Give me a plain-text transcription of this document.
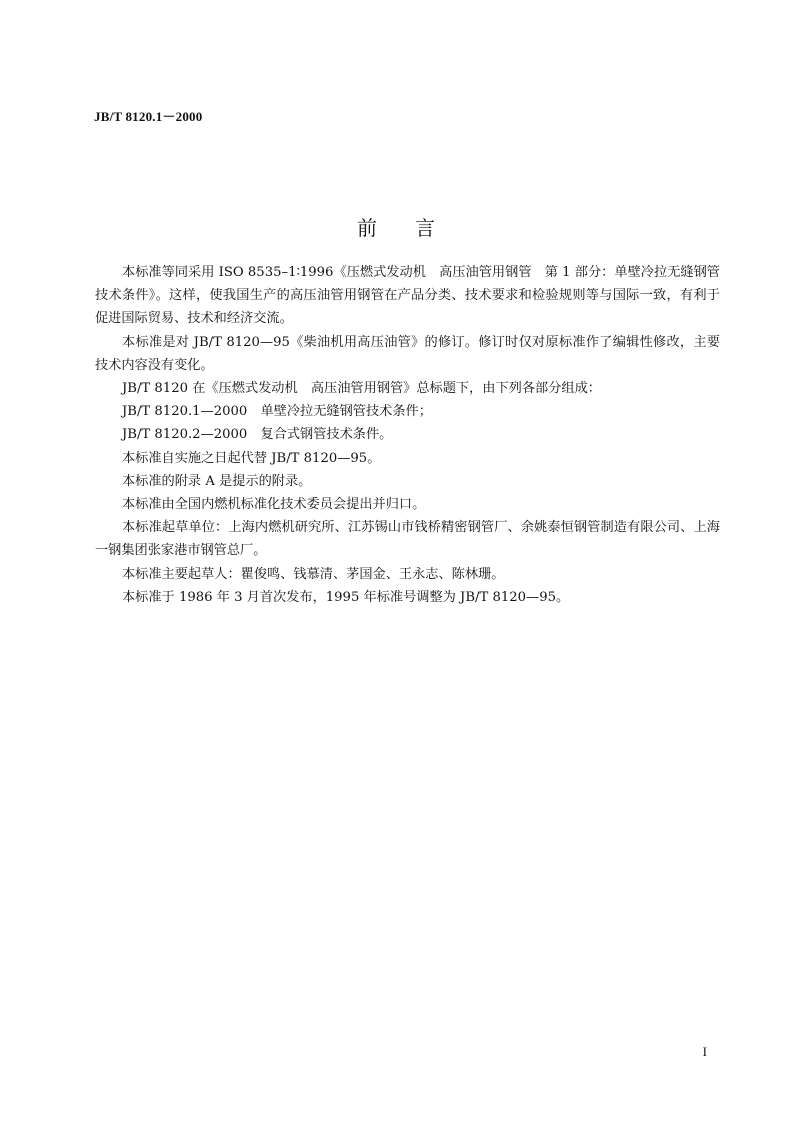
JB/T 8120.1－2000
前言

本标准等同采用 ISO 8535–1∶1996《压燃式发动机　高压油管用钢管　第 1 部分：单壁冷拉无缝钢管技术条件》。这样，使我国生产的高压油管用钢管在产品分类、技术要求和检验规则等与国际一致，有利于促进国际贸易、技术和经济交流。

本标准是对 JB/T 8120—95《柴油机用高压油管》的修订。修订时仅对原标准作了编辑性修改，主要技术内容没有变化。

JB/T 8120 在《压燃式发动机　高压油管用钢管》总标题下，由下列各部分组成：

JB/T 8120.1—2000　单壁冷拉无缝钢管技术条件；

JB/T 8120.2—2000　复合式钢管技术条件。

本标准自实施之日起代替 JB/T 8120—95。

本标准的附录 A 是提示的附录。

本标准由全国内燃机标准化技术委员会提出并归口。

本标准起草单位：上海内燃机研究所、江苏锡山市钱桥精密钢管厂、余姚泰恒钢管制造有限公司、上海一钢集团张家港市钢管总厂。

本标准主要起草人：瞿俊鸣、钱慕清、茅国金、王永志、陈林珊。

本标准于 1986 年 3 月首次发布，1995 年标准号调整为 JB/T 8120—95。

I
